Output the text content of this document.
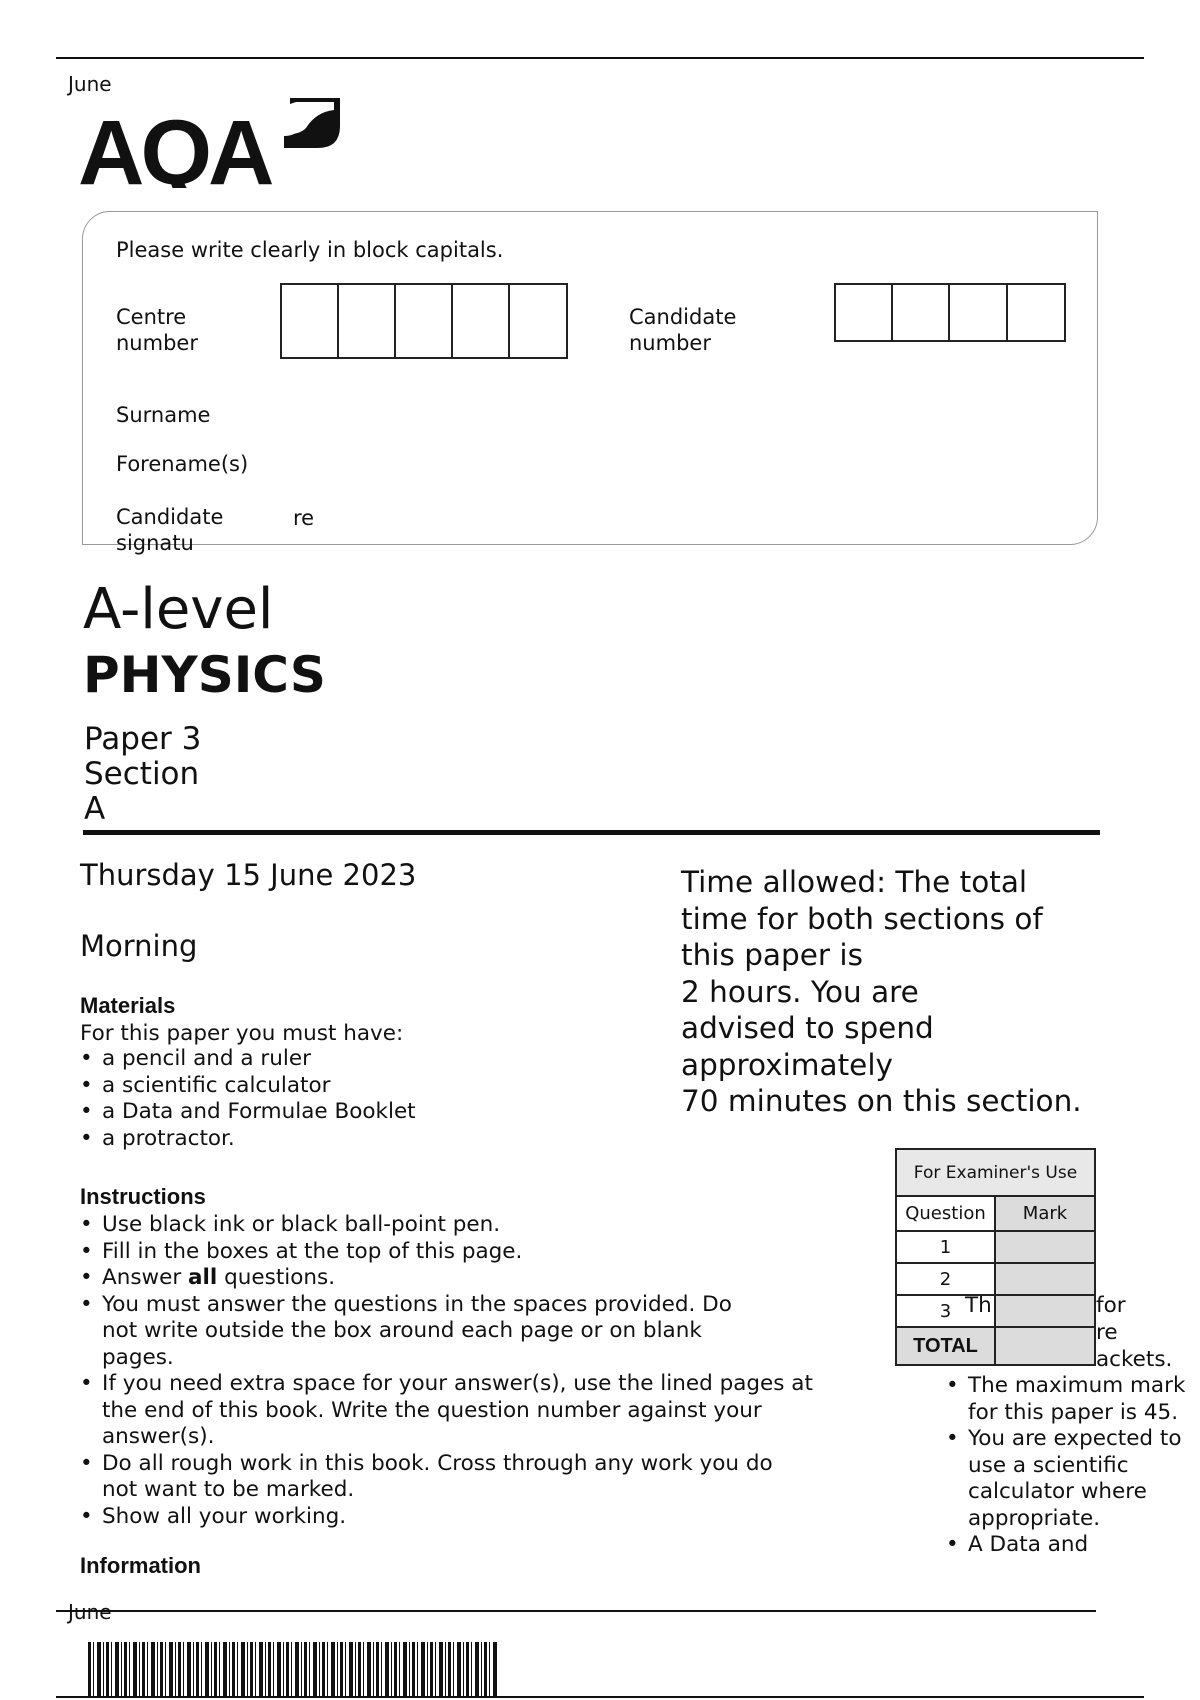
June
AQA
Please write clearly in block capitals.
Centre
number
Candidate
number
Surname
Forename(s)
Candidate
signatu
re
A-level
PHYSICS
Paper 3
Section
A
Thursday 15 June 2023
Morning
Time allowed: The total
time for both sections of
this paper is
2 hours. You are
advised to spend
approximately
70 minutes on this section.
Materials
For this paper you must have:
• a pencil and a ruler
• a scientific calculator
• a Data and Formulae Booklet
• a protractor.
Instructions
• Use black ink or black ball-point pen.
• Fill in the boxes at the top of this page.
• Answer all questions.
• You must answer the questions in the spaces provided. Do not write outside the box around each page or on blank pages.
• If you need extra space for your answer(s), use the lined pages at the end of this book. Write the question number against your answer(s).
• Do all rough work in this book. Cross through any work you do not want to be marked.
• Show all your working.
Information
Th	for
re
ackets.
• The maximum mark for this paper is 45.
• You are expected to use a scientific calculator where appropriate.
• A Data and
For Examiner's Use	
Question	Mark
1	
2	
3	
TOTAL	
June
